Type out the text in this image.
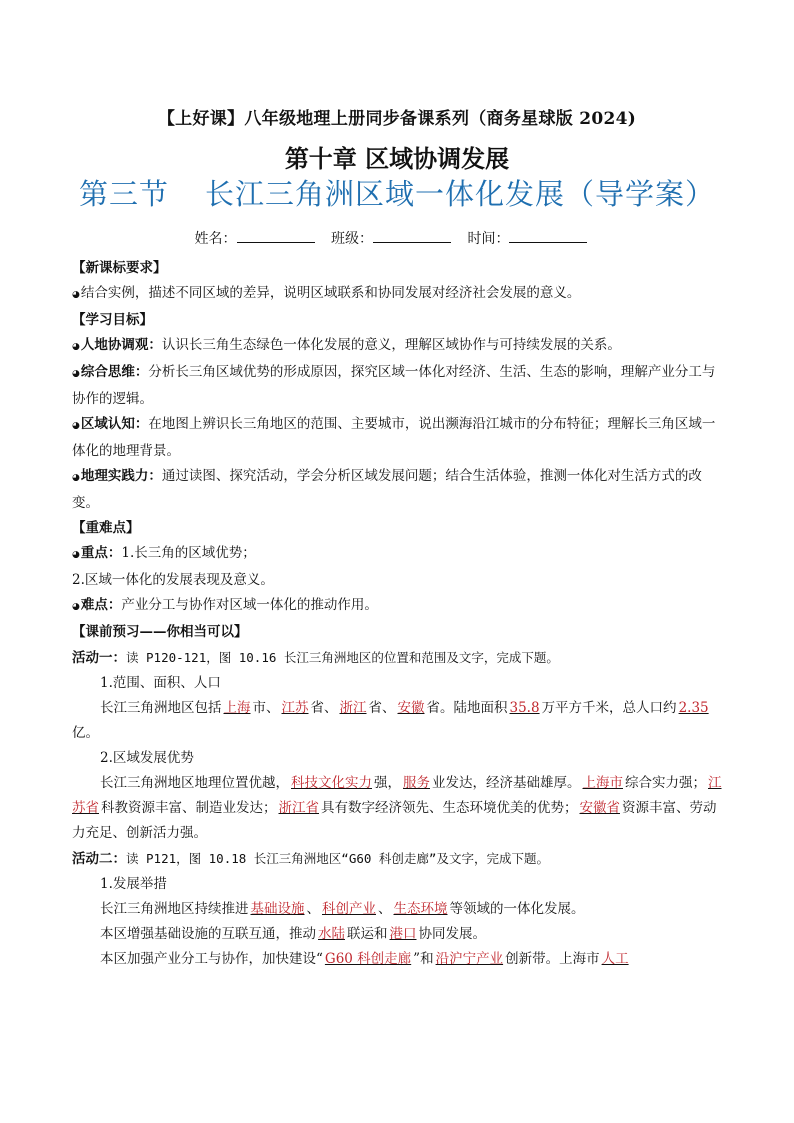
【上好课】八年级地理上册同步备课系列（商务星球版 2024)
第十章 区域协调发展
第三节 长江三角洲区域一体化发展（导学案）
姓名：	班级：	时间：

【新课标要求】

◕ 结合实例，描述不同区域的差异，说明区域联系和协同发展对经济社会发展的意义。

【学习目标】

◕ 人地协调观：认识长三角生态绿色一体化发展的意义，理解区域协作与可持续发展的关系。

◕ 综合思维：分析长三角区域优势的形成原因，探究区域一体化对经济、生活、生态的影响，理解产业分工与协作的逻辑。

◕ 区域认知：在地图上辨识长三角地区的范围、主要城市，说出濒海沿江城市的分布特征；理解长三角区域一体化的地理背景。

◕ 地理实践力：通过读图、探究活动，学会分析区域发展问题；结合生活体验，推测一体化对生活方式的改变。

【重难点】

◕ 重点：1.长三角的区域优势；

2.区域一体化的发展表现及意义。

◕ 难点：产业分工与协作对区域一体化的推动作用。

【课前预习——你相当可以】

活动一：读 P120-121，图 10.16 长江三角洲地区的位置和范围及文字，完成下题。

1.范围、面积、人口

长江三角洲地区包括 上海 市、 江苏 省、 浙江 省、 安徽 省。陆地面积 35.8 万平方千米，总人口约 2.35亿。

2.区域发展优势

长江三角洲地区地理位置优越， 科技文化实力 强， 服务 业发达，经济基础雄厚。 上海市 综合实力强； 江苏省 科教资源丰富、制造业发达； 浙江省 具有数字经济领先、生态环境优美的优势； 安徽省 资源丰富、劳动力充足、创新活力强。

活动二：读 P121，图 10.18 长江三角洲地区“G60 科创走廊”及文字，完成下题。

1.发展举措

长江三角洲地区持续推进 基础设施 、 科创产业 、 生态环境 等领域的一体化发展。

本区增强基础设施的互联互通，推动 水陆 联运和 港口 协同发展。

本区加强产业分工与协作，加快建设“ G60 科创走廊 ”和 沿沪宁产业 创新带。上海市 人工
